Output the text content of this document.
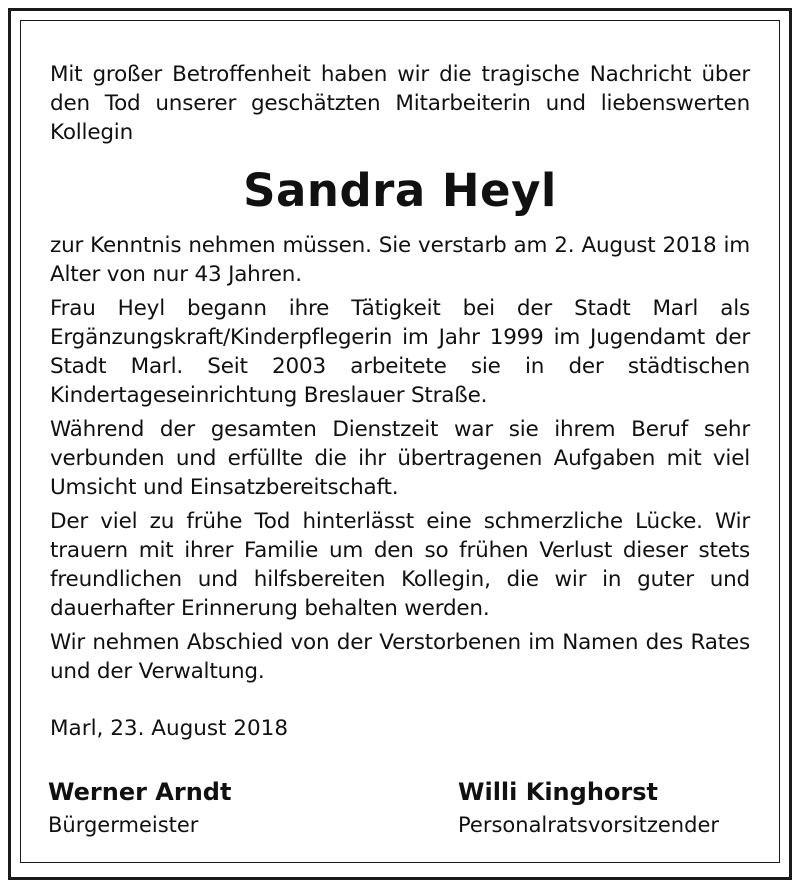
Mit großer Betroffenheit haben wir die tragische Nachricht über den Tod unserer geschätzten Mitarbeiterin und liebenswerten Kollegin

Sandra Heyl

zur Kenntnis nehmen müssen. Sie verstarb am 2. August 2018 im Alter von nur 43 Jahren.

Frau Heyl begann ihre Tätigkeit bei der Stadt Marl als Ergänzungskraft/Kinderpflegerin im Jahr 1999 im Jugendamt der Stadt Marl. Seit 2003 arbeitete sie in der städtischen Kindertageseinrichtung Breslauer Straße.

Während der gesamten Dienstzeit war sie ihrem Beruf sehr verbunden und erfüllte die ihr übertragenen Aufgaben mit viel Umsicht und Einsatzbereitschaft.

Der viel zu frühe Tod hinterlässt eine schmerzliche Lücke. Wir trauern mit ihrer Familie um den so frühen Verlust dieser stets freundlichen und hilfsbereiten Kollegin, die wir in guter und dauerhafter Erinnerung behalten werden.

Wir nehmen Abschied von der Verstorbenen im Namen des Rates und der Verwaltung.

Marl, 23. August 2018

Werner Arndt
Bürgermeister
Willi Kinghorst
Personalratsvorsitzender
